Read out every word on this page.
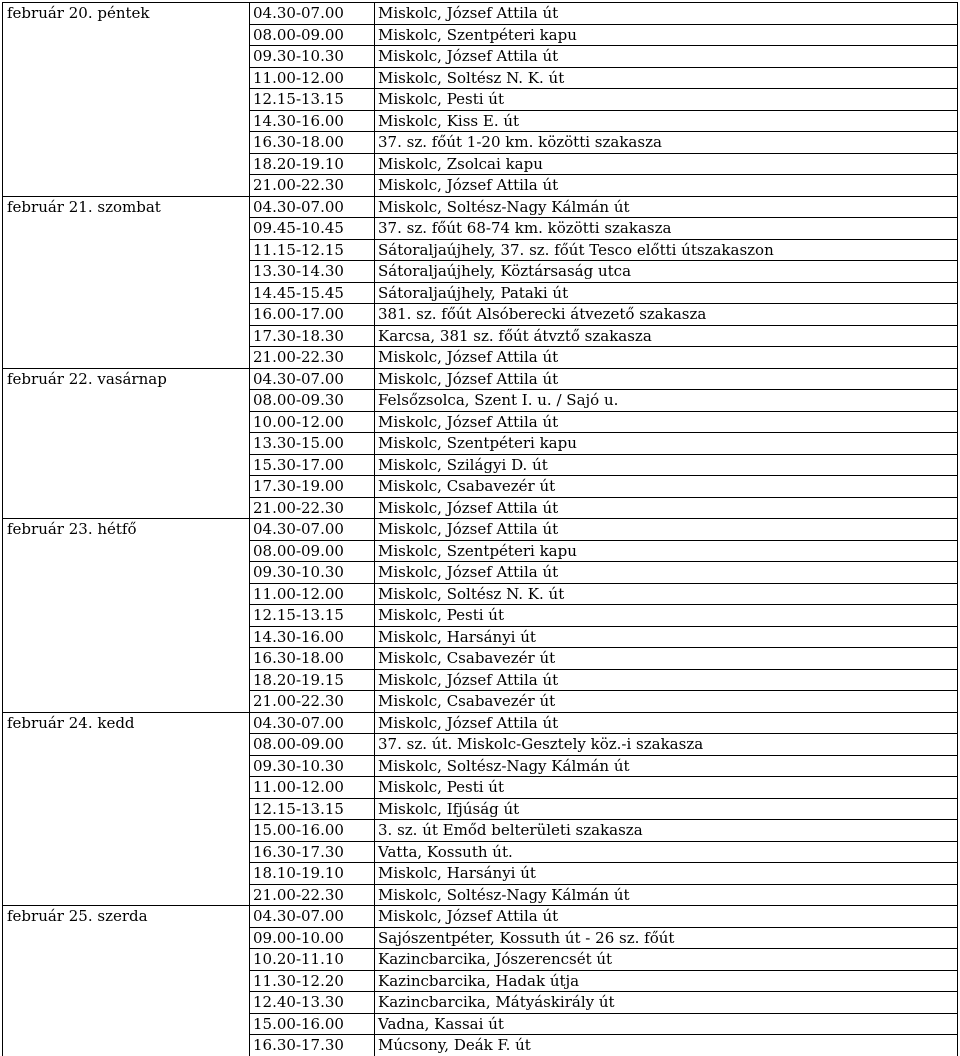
február 20. péntek	04.30-07.00	Miskolc, József Attila út
	08.00-09.00	Miskolc, Szentpéteri kapu
	09.30-10.30	Miskolc, József Attila út
	11.00-12.00	Miskolc, Soltész N. K. út
	12.15-13.15	Miskolc, Pesti út
	14.30-16.00	Miskolc, Kiss E. út
	16.30-18.00	37. sz. főút 1-20 km. közötti szakasza
	18.20-19.10	Miskolc, Zsolcai kapu
	21.00-22.30	Miskolc, József Attila út
február 21. szombat	04.30-07.00	Miskolc, Soltész-Nagy Kálmán út
	09.45-10.45	37. sz. főút 68-74 km. közötti szakasza
	11.15-12.15	Sátoraljaújhely, 37. sz. főút Tesco előtti útszakaszon
	13.30-14.30	Sátoraljaújhely, Köztársaság utca
	14.45-15.45	Sátoraljaújhely, Pataki út
	16.00-17.00	381. sz. főút Alsóberecki átvezető szakasza
	17.30-18.30	Karcsa, 381 sz. főút átvztő szakasza
	21.00-22.30	Miskolc, József Attila út
február 22. vasárnap	04.30-07.00	Miskolc, József Attila út
	08.00-09.30	Felsőzsolca, Szent I. u. / Sajó u.
	10.00-12.00	Miskolc, József Attila út
	13.30-15.00	Miskolc, Szentpéteri kapu
	15.30-17.00	Miskolc, Szilágyi D. út
	17.30-19.00	Miskolc, Csabavezér út
	21.00-22.30	Miskolc, József Attila út
február 23. hétfő	04.30-07.00	Miskolc, József Attila út
	08.00-09.00	Miskolc, Szentpéteri kapu
	09.30-10.30	Miskolc, József Attila út
	11.00-12.00	Miskolc, Soltész N. K. út
	12.15-13.15	Miskolc, Pesti út
	14.30-16.00	Miskolc, Harsányi út
	16.30-18.00	Miskolc, Csabavezér út
	18.20-19.15	Miskolc, József Attila út
	21.00-22.30	Miskolc, Csabavezér út
február 24. kedd	04.30-07.00	Miskolc, József Attila út
	08.00-09.00	37. sz. út. Miskolc-Gesztely köz.-i szakasza
	09.30-10.30	Miskolc, Soltész-Nagy Kálmán út
	11.00-12.00	Miskolc, Pesti út
	12.15-13.15	Miskolc, Ifjúság út
	15.00-16.00	3. sz. út Emőd belterületi szakasza
	16.30-17.30	Vatta, Kossuth út.
	18.10-19.10	Miskolc, Harsányi út
	21.00-22.30	Miskolc, Soltész-Nagy Kálmán út
február 25. szerda	04.30-07.00	Miskolc, József Attila út
	09.00-10.00	Sajószentpéter, Kossuth út - 26 sz. főút
	10.20-11.10	Kazincbarcika, Jószerencsét út
	11.30-12.20	Kazincbarcika, Hadak útja
	12.40-13.30	Kazincbarcika, Mátyáskirály út
	15.00-16.00	Vadna, Kassai út
	16.30-17.30	Múcsony, Deák F. út
